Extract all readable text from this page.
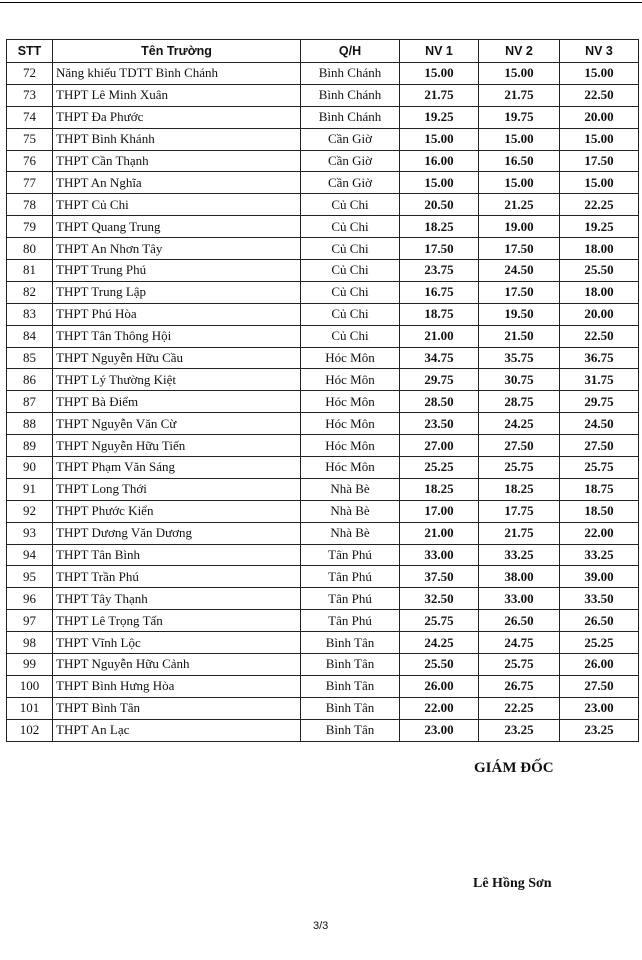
STT	Tên Trường	Q/H	NV 1	NV 2	NV 3
72	Năng khiếu TDTT Bình Chánh	Bình Chánh	15.00	15.00	15.00
73	THPT Lê Minh Xuân	Bình Chánh	21.75	21.75	22.50
74	THPT Đa Phước	Bình Chánh	19.25	19.75	20.00
75	THPT Bình Khánh	Cần Giờ	15.00	15.00	15.00
76	THPT Cần Thạnh	Cần Giờ	16.00	16.50	17.50
77	THPT An Nghĩa	Cần Giờ	15.00	15.00	15.00
78	THPT Củ Chi	Củ Chi	20.50	21.25	22.25
79	THPT Quang Trung	Củ Chi	18.25	19.00	19.25
80	THPT An Nhơn Tây	Củ Chi	17.50	17.50	18.00
81	THPT Trung Phú	Củ Chi	23.75	24.50	25.50
82	THPT Trung Lập	Củ Chi	16.75	17.50	18.00
83	THPT Phú Hòa	Củ Chi	18.75	19.50	20.00
84	THPT Tân Thông Hội	Củ Chi	21.00	21.50	22.50
85	THPT Nguyễn Hữu Cầu	Hóc Môn	34.75	35.75	36.75
86	THPT Lý Thường Kiệt	Hóc Môn	29.75	30.75	31.75
87	THPT Bà Điểm	Hóc Môn	28.50	28.75	29.75
88	THPT Nguyễn Văn Cừ	Hóc Môn	23.50	24.25	24.50
89	THPT Nguyễn Hữu Tiến	Hóc Môn	27.00	27.50	27.50
90	THPT Phạm Văn Sáng	Hóc Môn	25.25	25.75	25.75
91	THPT Long Thới	Nhà Bè	18.25	18.25	18.75
92	THPT Phước Kiển	Nhà Bè	17.00	17.75	18.50
93	THPT Dương Văn Dương	Nhà Bè	21.00	21.75	22.00
94	THPT Tân Bình	Tân Phú	33.00	33.25	33.25
95	THPT Trần Phú	Tân Phú	37.50	38.00	39.00
96	THPT Tây Thạnh	Tân Phú	32.50	33.00	33.50
97	THPT Lê Trọng Tấn	Tân Phú	25.75	26.50	26.50
98	THPT Vĩnh Lộc	Bình Tân	24.25	24.75	25.25
99	THPT Nguyễn Hữu Cảnh	Bình Tân	25.50	25.75	26.00
100	THPT Bình Hưng Hòa	Bình Tân	26.00	26.75	27.50
101	THPT Bình Tân	Bình Tân	22.00	22.25	23.00
102	THPT An Lạc	Bình Tân	23.00	23.25	23.25
GIÁM ĐỐC
Lê Hồng Sơn
3/3
